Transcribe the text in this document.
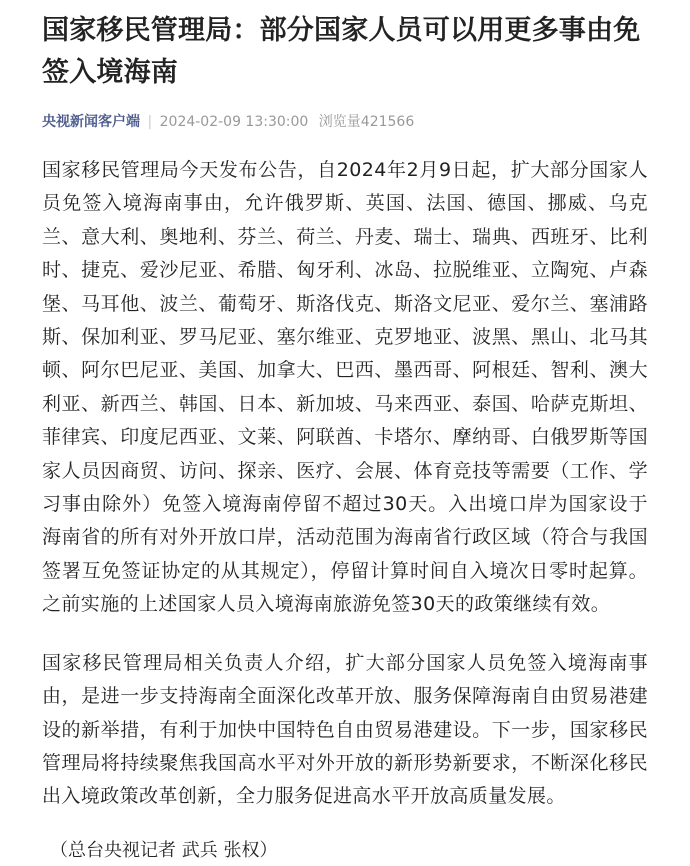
国家移民管理局：部分国家人员可以用更多事由免签入境海南
央视新闻客户端 | 2024-02-09 13:30:00 浏览量421566

国家移民管理局今天发布公告，自2024年2月9日起，扩大部分国家人员免签入境海南事由，允许俄罗斯、英国、法国、德国、挪威、乌克兰、意大利、奥地利、芬兰、荷兰、丹麦、瑞士、瑞典、西班牙、比利时、捷克、爱沙尼亚、希腊、匈牙利、冰岛、拉脱维亚、立陶宛、卢森堡、马耳他、波兰、葡萄牙、斯洛伐克、斯洛文尼亚、爱尔兰、塞浦路斯、保加利亚、罗马尼亚、塞尔维亚、克罗地亚、波黑、黑山、北马其顿、阿尔巴尼亚、美国、加拿大、巴西、墨西哥、阿根廷、智利、澳大利亚、新西兰、韩国、日本、新加坡、马来西亚、泰国、哈萨克斯坦、菲律宾、印度尼西亚、文莱、阿联酋、卡塔尔、摩纳哥、白俄罗斯等国家人员因商贸、访问、探亲、医疗、会展、体育竞技等需要（工作、学习事由除外）免签入境海南停留不超过30天。入出境口岸为国家设于海南省的所有对外开放口岸，活动范围为海南省行政区域（符合与我国签署互免签证协定的从其规定），停留计算时间自入境次日零时起算。之前实施的上述国家人员入境海南旅游免签30天的政策继续有效。

国家移民管理局相关负责人介绍，扩大部分国家人员免签入境海南事由，是进一步支持海南全面深化改革开放、服务保障海南自由贸易港建设的新举措，有利于加快中国特色自由贸易港建设。下一步，国家移民管理局将持续聚焦我国高水平对外开放的新形势新要求，不断深化移民出入境政策改革创新，全力服务促进高水平开放高质量发展。

（总台央视记者 武兵 张权）
